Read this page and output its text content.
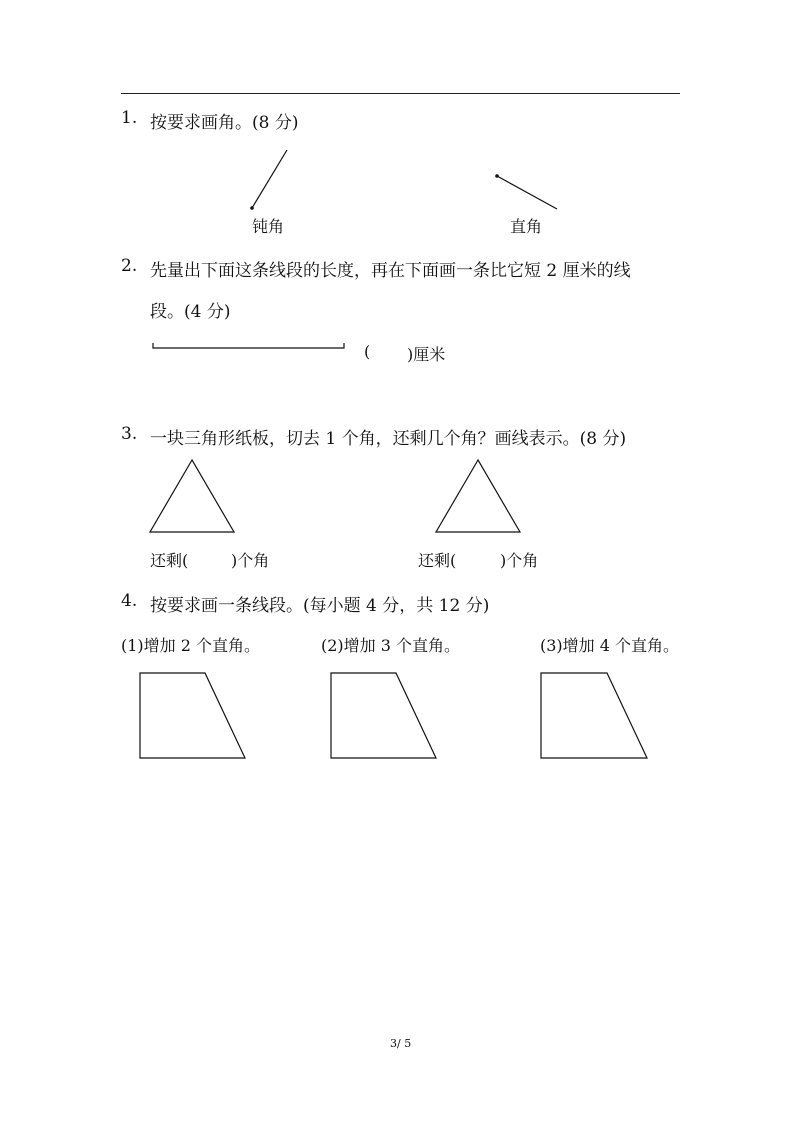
1. 按要求画角。(8 分)
钝角	直角
2. 先量出下面这条线段的长度，再在下面画一条比它短 2 厘米的线
段。(4 分)
( )厘米
3. 一块三角形纸板，切去 1 个角，还剩几个角？画线表示。(8 分)
还剩(	)个角	还剩(	)个角
4. 按要求画一条线段。(每小题 4 分，共 12 分)
(1)增加 2 个直角。	(2)增加 3 个直角。	(3)增加 4 个直角。
3/ 5
